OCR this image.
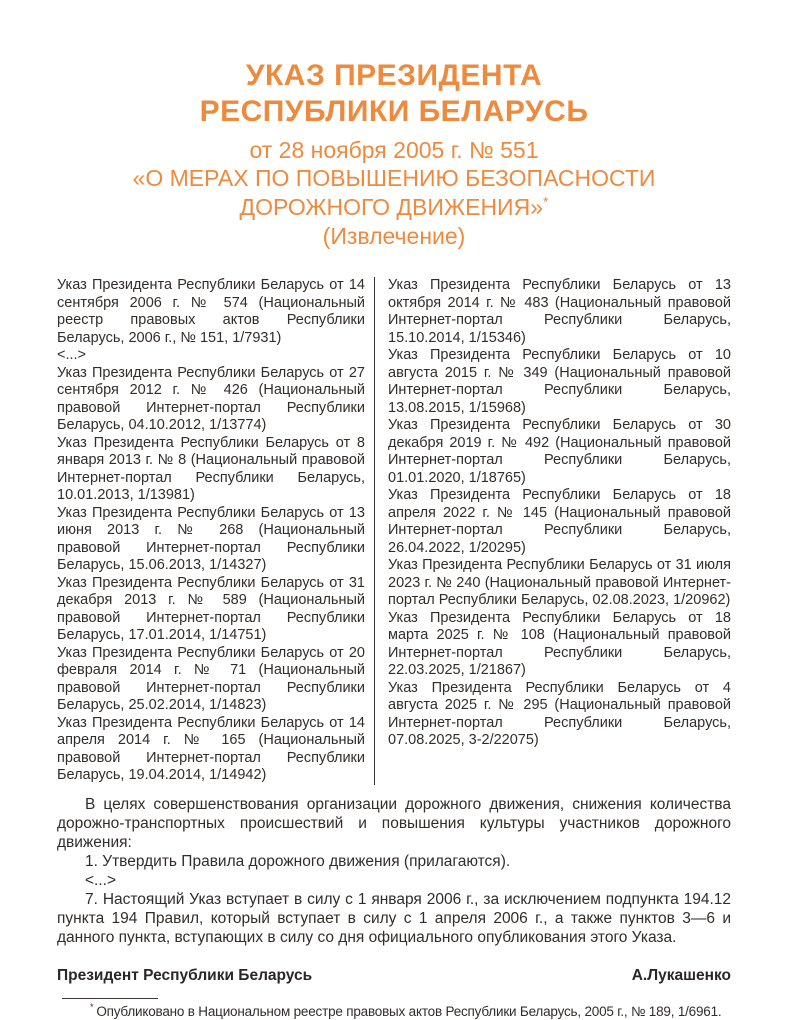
УКАЗ ПРЕЗИДЕНТА
РЕСПУБЛИКИ БЕЛАРУСЬ
от 28 ноября 2005 г. № 551
«О МЕРАХ ПО ПОВЫШЕНИЮ БЕЗОПАСНОСТИ ДОРОЖНОГО ДВИЖЕНИЯ»*
(Извлечение)

Указ Президента Республики Беларусь от 14 сентября 2006 г. № 574 (Национальный реестр правовых актов Республики Беларусь, 2006 г., № 151, 1/7931)

<...>

Указ Президента Республики Беларусь от 27 сентября 2012 г. № 426 (Национальный правовой Интернет-портал Республики Беларусь, 04.10.2012, 1/13774)

Указ Президента Республики Беларусь от 8 января 2013 г. № 8 (Национальный правовой Интернет-портал Республики Беларусь, 10.01.2013, 1/13981)

Указ Президента Республики Беларусь от 13 июня 2013 г. № 268 (Национальный правовой Интернет-портал Республики Беларусь, 15.06.2013, 1/14327)

Указ Президента Республики Беларусь от 31 декабря 2013 г. № 589 (Национальный правовой Интернет-портал Республики Беларусь, 17.01.2014, 1/14751)

Указ Президента Республики Беларусь от 20 февраля 2014 г. № 71 (Национальный правовой Интернет-портал Республики Беларусь, 25.02.2014, 1/14823)

Указ Президента Республики Беларусь от 14 апреля 2014 г. № 165 (Национальный правовой Интернет-портал Республики Беларусь, 19.04.2014, 1/14942)

Указ Президента Республики Беларусь от 13 октября 2014 г. № 483 (Национальный правовой Интернет-портал Республики Беларусь, 15.10.2014, 1/15346)

Указ Президента Республики Беларусь от 10 августа 2015 г. № 349 (Национальный правовой Интернет-портал Республики Беларусь, 13.08.2015, 1/15968)

Указ Президента Республики Беларусь от 30 декабря 2019 г. № 492 (Национальный правовой Интернет-портал Республики Беларусь, 01.01.2020, 1/18765)

Указ Президента Республики Беларусь от 18 апреля 2022 г. № 145 (Национальный правовой Интернет-портал Республики Беларусь, 26.04.2022, 1/20295)

Указ Президента Республики Беларусь от 31 июля 2023 г. № 240 (Национальный правовой Интернет-портал Республики Беларусь, 02.08.2023, 1/20962)

Указ Президента Республики Беларусь от 18 марта 2025 г. № 108 (Национальный правовой Интернет-портал Республики Беларусь, 22.03.2025, 1/21867)

Указ Президента Республики Беларусь от 4 августа 2025 г. № 295 (Национальный правовой Интернет-портал Республики Беларусь, 07.08.2025, 3-2/22075)

В целях совершенствования организации дорожного движения, снижения количества дорожно-транспортных происшествий и повышения культуры участников дорожного движения:

1. Утвердить Правила дорожного движения (прилагаются).

<...>

7. Настоящий Указ вступает в силу с 1 января 2006 г., за исключением подпункта 194.12 пункта 194 Правил, который вступает в силу с 1 апреля 2006 г., а также пунктов 3—6 и данного пункта, вступающих в силу со дня официального опубликования этого Указа.

Президент Республики Беларусь	А.Лукашенко
* Опубликовано в Национальном реестре правовых актов Республики Беларусь, 2005 г., № 189, 1/6961.
